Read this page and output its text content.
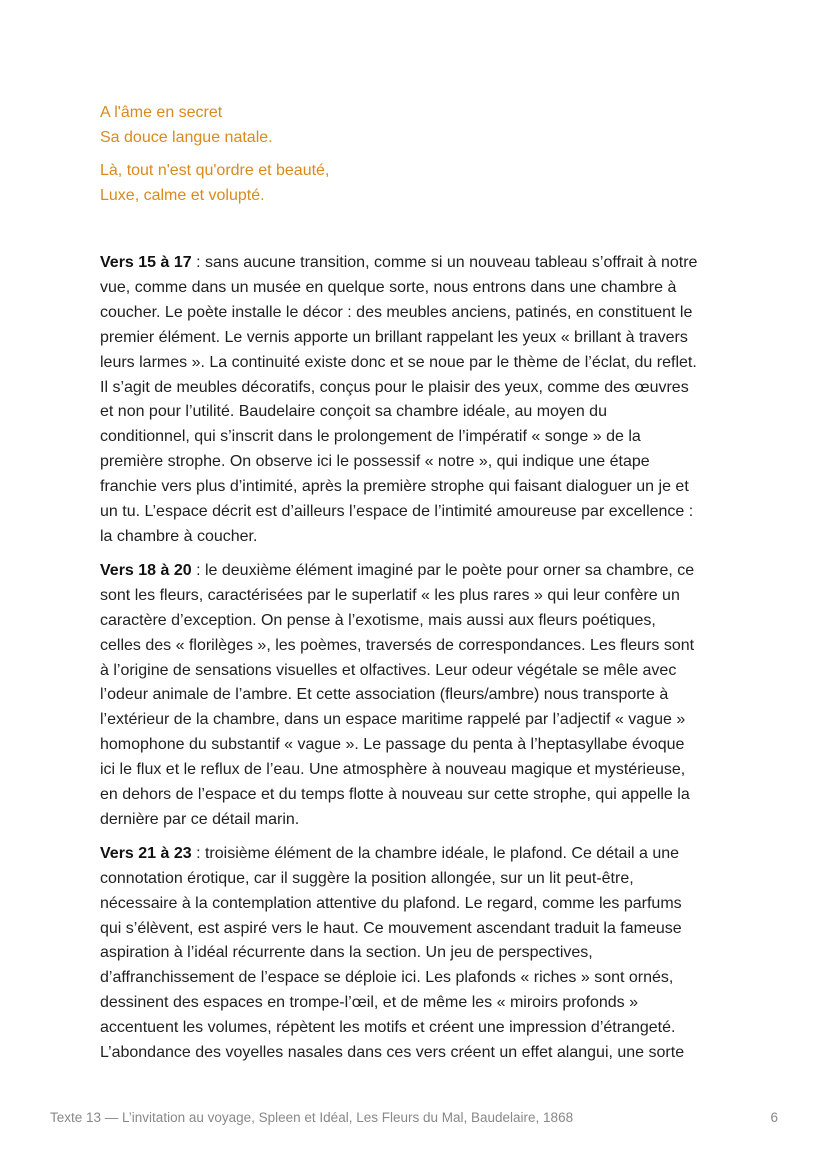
A l'âme en secret
Sa douce langue natale.

Là, tout n'est qu'ordre et beauté,
Luxe, calme et volupté.

Vers 15 à 17 : sans aucune transition, comme si un nouveau tableau s’offrait à notre
vue, comme dans un musée en quelque sorte, nous entrons dans une chambre à
coucher. Le poète installe le décor : des meubles anciens, patinés, en constituent le
premier élément. Le vernis apporte un brillant rappelant les yeux « brillant à travers
leurs larmes ». La continuité existe donc et se noue par le thème de l’éclat, du reflet.
Il s’agit de meubles décoratifs, conçus pour le plaisir des yeux, comme des œuvres
et non pour l’utilité. Baudelaire conçoit sa chambre idéale, au moyen du
conditionnel, qui s’inscrit dans le prolongement de l’impératif « songe » de la
première strophe. On observe ici le possessif « notre », qui indique une étape
franchie vers plus d’intimité, après la première strophe qui faisant dialoguer un je et
un tu. L’espace décrit est d’ailleurs l’espace de l’intimité amoureuse par excellence :
la chambre à coucher.

Vers 18 à 20 : le deuxième élément imaginé par le poète pour orner sa chambre, ce
sont les fleurs, caractérisées par le superlatif « les plus rares » qui leur confère un
caractère d’exception. On pense à l’exotisme, mais aussi aux fleurs poétiques,
celles des « florilèges », les poèmes, traversés de correspondances. Les fleurs sont
à l’origine de sensations visuelles et olfactives. Leur odeur végétale se mêle avec
l’odeur animale de l’ambre. Et cette association (fleurs/ambre) nous transporte à
l’extérieur de la chambre, dans un espace maritime rappelé par l’adjectif « vague »
homophone du substantif « vague ». Le passage du penta à l’heptasyllabe évoque
ici le flux et le reflux de l’eau. Une atmosphère à nouveau magique et mystérieuse,
en dehors de l’espace et du temps flotte à nouveau sur cette strophe, qui appelle la
dernière par ce détail marin.

Vers 21 à 23 : troisième élément de la chambre idéale, le plafond. Ce détail a une
connotation érotique, car il suggère la position allongée, sur un lit peut-être,
nécessaire à la contemplation attentive du plafond. Le regard, comme les parfums
qui s’élèvent, est aspiré vers le haut. Ce mouvement ascendant traduit la fameuse
aspiration à l’idéal récurrente dans la section. Un jeu de perspectives,
d’affranchissement de l’espace se déploie ici. Les plafonds « riches » sont ornés,
dessinent des espaces en trompe-l’œil, et de même les « miroirs profonds »
accentuent les volumes, répètent les motifs et créent une impression d’étrangeté.
L’abondance des voyelles nasales dans ces vers créent un effet alangui, une sorte

Texte 13 — L’invitation au voyage, Spleen et Idéal, Les Fleurs du Mal, Baudelaire, 1868	6
